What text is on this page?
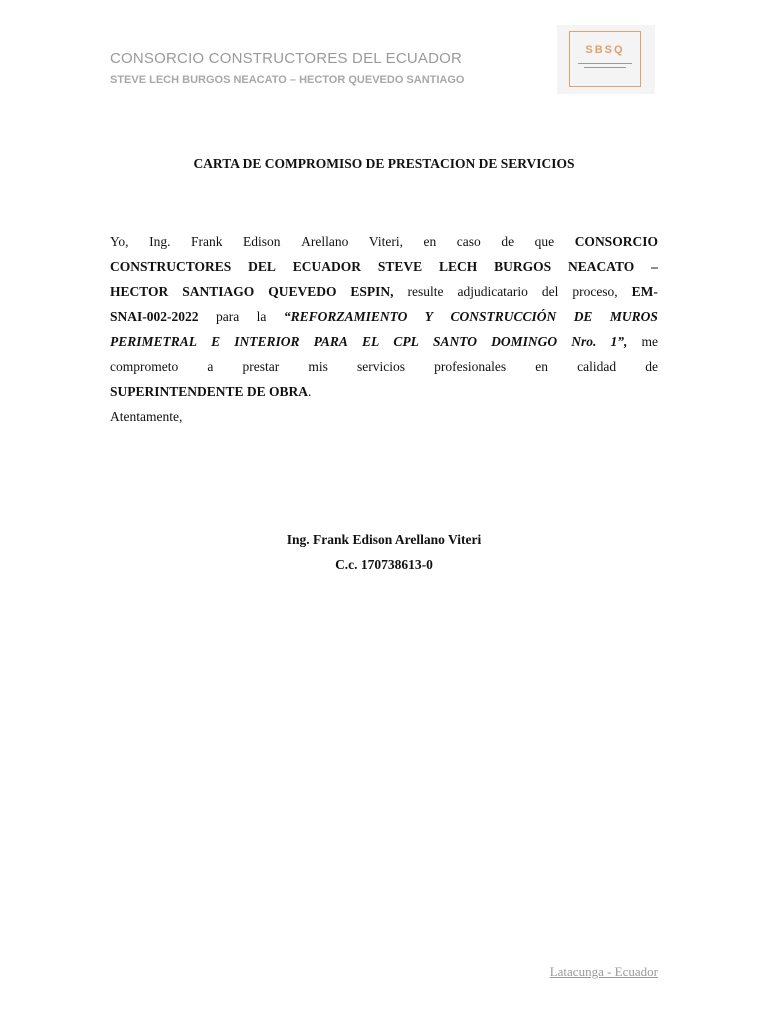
CONSORCIO CONSTRUCTORES DEL ECUADOR
STEVE LECH BURGOS NEACATO – HECTOR QUEVEDO SANTIAGO
SBSQ
CARTA DE COMPROMISO DE PRESTACION DE SERVICIOS
Yo, Ing. Frank Edison Arellano Viteri, en caso de que CONSORCIO
CONSTRUCTORES DEL ECUADOR STEVE LECH BURGOS NEACATO –
HECTOR SANTIAGO QUEVEDO ESPIN, resulte adjudicatario del proceso, EM-
SNAI-002-2022 para la “REFORZAMIENTO Y CONSTRUCCIÓN DE MUROS
PERIMETRAL E INTERIOR PARA EL CPL SANTO DOMINGO Nro. 1”, me
comprometo a prestar mis servicios profesionales en calidad de
SUPERINTENDENTE DE OBRA.
Atentamente,
Ing. Frank Edison Arellano Viteri
C.c. 170738613-0
Latacunga - Ecuador
